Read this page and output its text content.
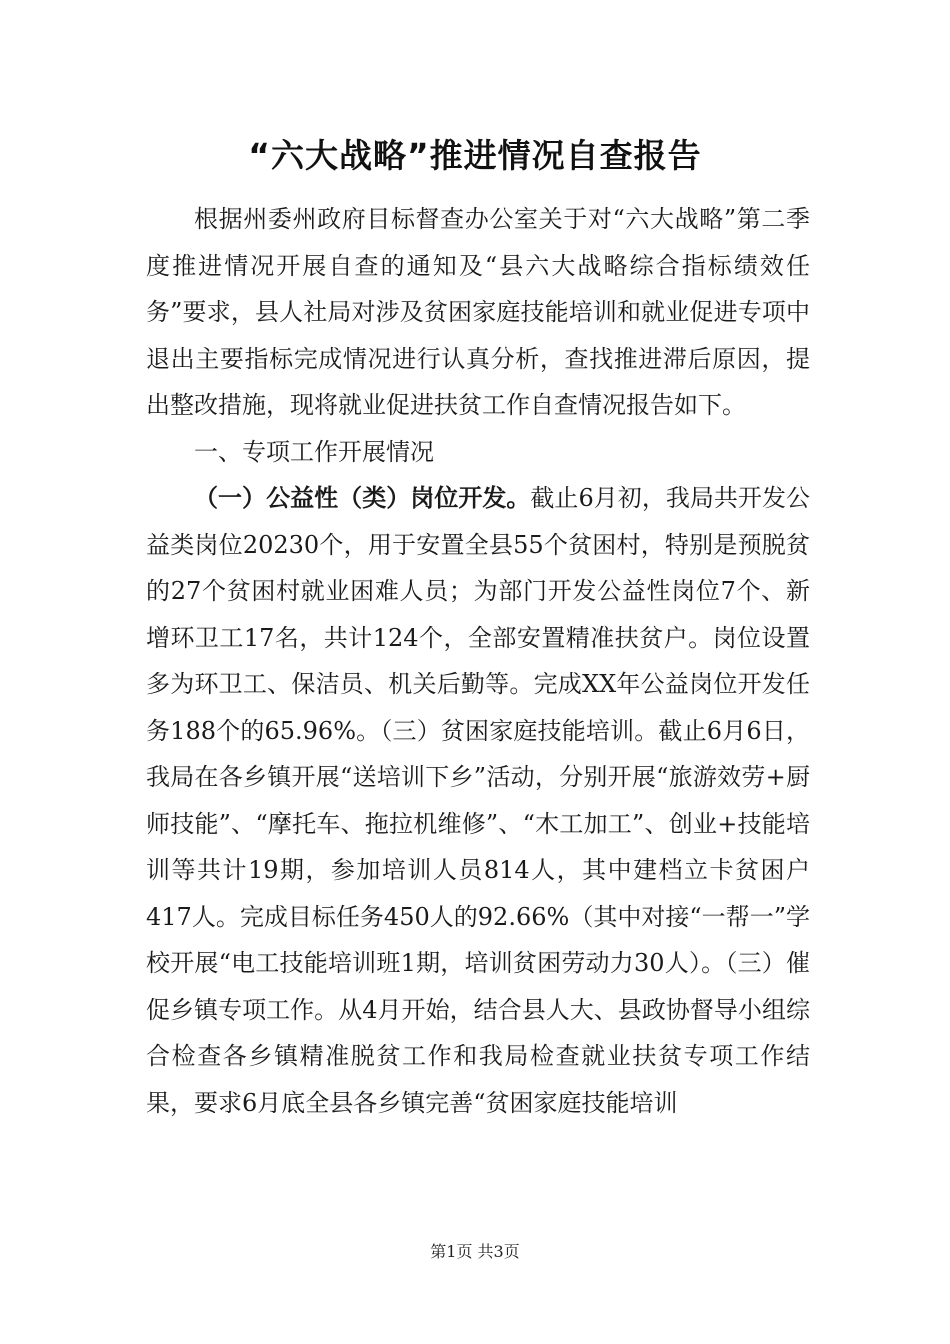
“六大战略”推进情况自查报告

根据州委州政府目标督查办公室关于对“六大战略”第二季度推进情况开展自查的通知及“县六大战略综合指标绩效任务”要求，县人社局对涉及贫困家庭技能培训和就业促进专项中退出主要指标完成情况进行认真分析，查找推进滞后原因，提出整改措施，现将就业促进扶贫工作自查情况报告如下。

一、专项工作开展情况

（一）公益性（类）岗位开发。截止6月初，我局共开发公益类岗位20230个，用于安置全县55个贫困村，特别是预脱贫的27个贫困村就业困难人员；为部门开发公益性岗位7个、新增环卫工17名，共计124个，全部安置精准扶贫户。岗位设置多为环卫工、保洁员、机关后勤等。完成XX年公益岗位开发任务188个的65.96%。（三）贫困家庭技能培训。截止6月6日，我局在各乡镇开展“送培训下乡”活动，分别开展“旅游效劳+厨师技能”、“摩托车、拖拉机维修”、“木工加工”、创业+技能培训等共计19期，参加培训人员814人，其中建档立卡贫困户417人。完成目标任务450人的92.66%（其中对接“一帮一”学校开展“电工技能培训班1期，培训贫困劳动力30人）。（三）催促乡镇专项工作。从4月开始，结合县人大、县政协督导小组综合检查各乡镇精准脱贫工作和我局检查就业扶贫专项工作结果，要求6月底全县各乡镇完善“贫困家庭技能培训

第1页 共3页
